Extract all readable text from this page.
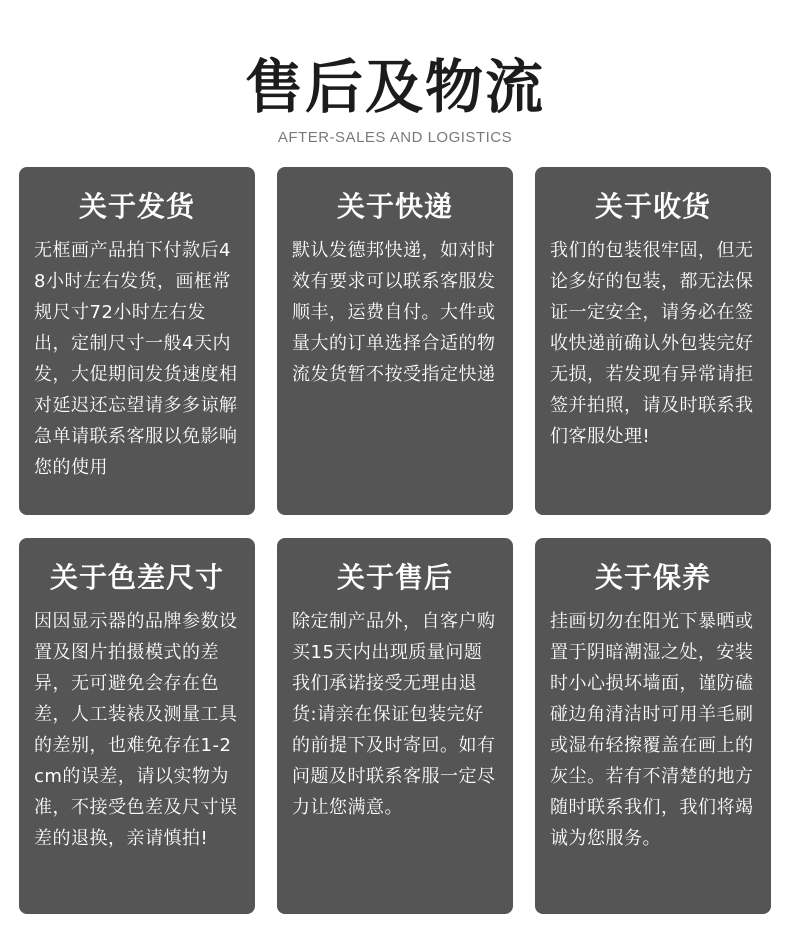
售后及物流
AFTER-SALES AND LOGISTICS
关于发货

无框画产品拍下付款后48小时左右发货，画框常规尺寸72小时左右发出，定制尺寸一般4天内发，大促期间发货速度相对延迟还忘望请多多谅解急单请联系客服以免影响您的使用

关于快递

默认发德邦快递，如对时效有要求可以联系客服发顺丰，运费自付。大件或量大的订单选择合适的物流发货暂不按受指定快递

关于收货

我们的包装很牢固，但无论多好的包装，都无法保证一定安全，请务必在签收快递前确认外包装完好无损，若发现有异常请拒签并拍照，请及时联系我们客服处理!

关于色差尺寸

因因显示器的品牌参数设置及图片拍摄模式的差异，无可避免会存在色差，人工装裱及测量工具的差别，也难免存在1-2cm的误差，请以实物为准，不接受色差及尺寸误差的退换，亲请慎拍!

关于售后

除定制产品外，自客户购买15天内出现质量问题我们承诺接受无理由退货:请亲在保证包装完好的前提下及时寄回。如有问题及时联系客服一定尽力让您满意。

关于保养

挂画切勿在阳光下暴晒或置于阴暗潮湿之处，安装时小心损坏墙面，谨防磕碰边角清洁时可用羊毛刷或湿布轻擦覆盖在画上的灰尘。若有不清楚的地方随时联系我们，我们将竭诚为您服务。
